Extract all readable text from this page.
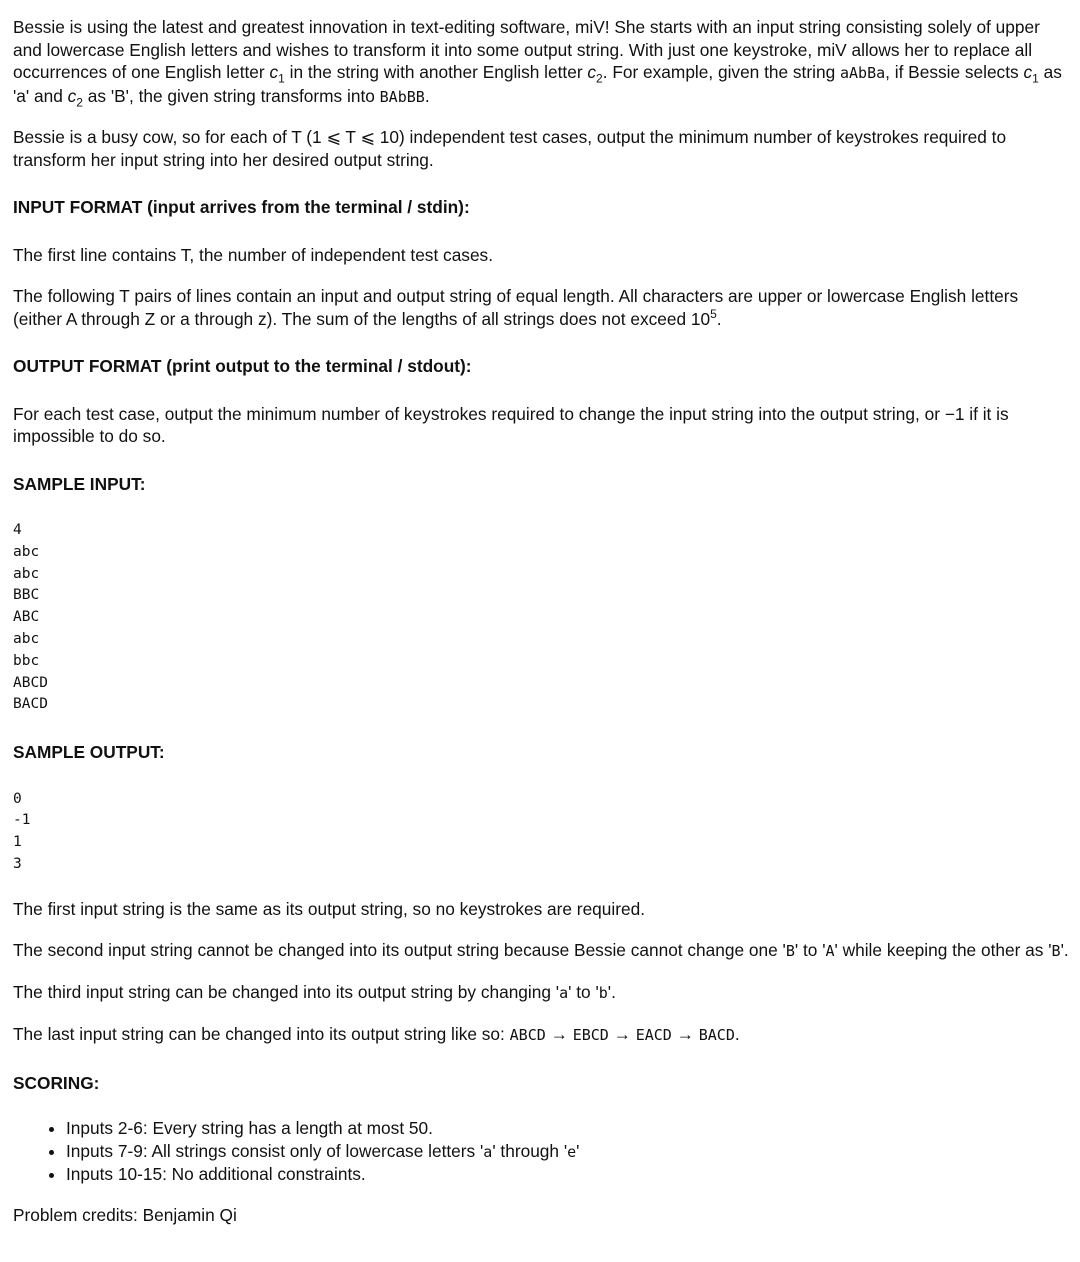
Bessie is using the latest and greatest innovation in text-editing software, miV! She starts with an input string consisting solely of upper and lowercase English letters and wishes to transform it into some output string. With just one keystroke, miV allows her to replace all occurrences of one English letter $c_1$ in the string with another English letter $c_2$. For example, given the string aAbBa, if Bessie selects $c_1$ as 'a' and $c_2$ as 'B', the given string transforms into BAbBB.

Bessie is a busy cow, so for each of T (1 ⩽ T ⩽ 10) independent test cases, output the minimum number of keystrokes required to transform her input string into her desired output string.

INPUT FORMAT (input arrives from the terminal / stdin):

The first line contains T, the number of independent test cases.

The following T pairs of lines contain an input and output string of equal length. All characters are upper or lowercase English letters (either A through Z or a through z). The sum of the lengths of all strings does not exceed $10^5$.

OUTPUT FORMAT (print output to the terminal / stdout):

For each test case, output the minimum number of keystrokes required to change the input string into the output string, or −1 if it is impossible to do so.

SAMPLE INPUT:

4
abc
abc
BBC
ABC
abc
bbc
ABCD
BACD

SAMPLE OUTPUT:

0
-1
1
3

The first input string is the same as its output string, so no keystrokes are required.

The second input string cannot be changed into its output string because Bessie cannot change one 'B' to 'A' while keeping the other as 'B'.

The third input string can be changed into its output string by changing 'a' to 'b'.

The last input string can be changed into its output string like so: ABCD → EBCD → EACD → BACD.

SCORING:

• Inputs 2-6: Every string has a length at most 50.
• Inputs 7-9: All strings consist only of lowercase letters 'a' through 'e'
• Inputs 10-15: No additional constraints.

Problem credits: Benjamin Qi
